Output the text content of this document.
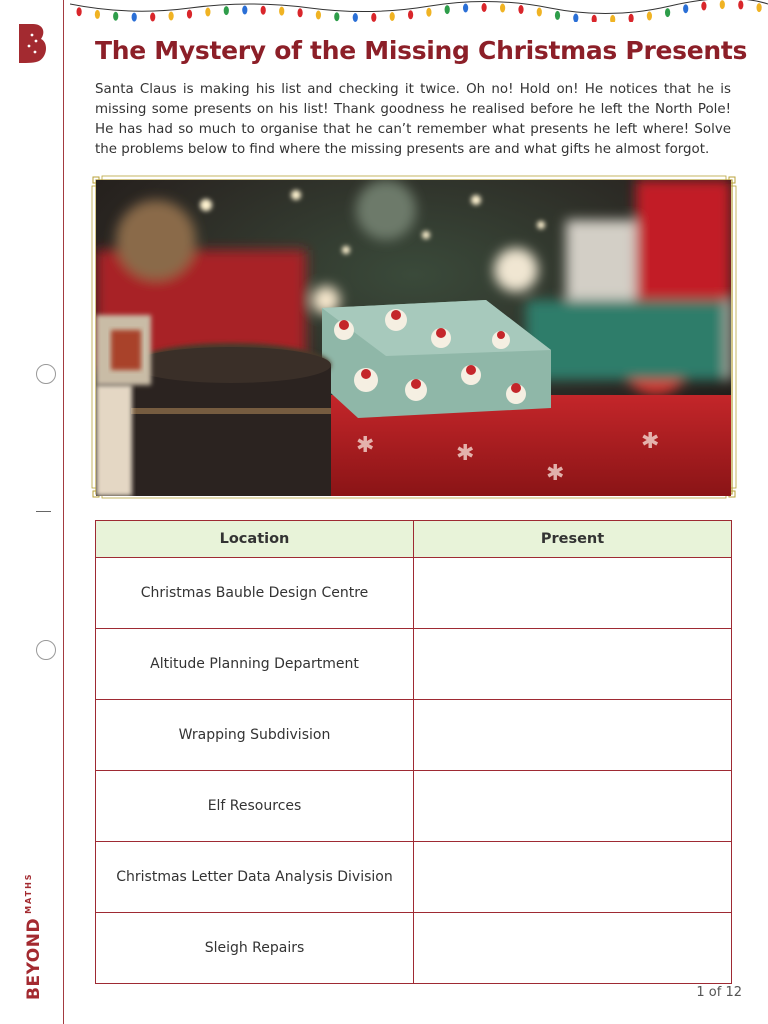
$BEYOND^{MATHS}$
The Mystery of the Missing Christmas Presents
Santa Claus is making his list and checking it twice. Oh no! Hold on! He notices that he is missing some presents on his list! Thank goodness he realised before he left the North Pole! He has had so much to organise that he can’t remember what presents he left where! Solve the problems below to find where the missing presents are and what gifts he almost forgot.
✱	✱
✱
✱
Location	Present
Christmas Bauble Design Centre	
Altitude Planning Department	
Wrapping Subdivision	
Elf Resources	
Christmas Letter Data Analysis Division	
Sleigh Repairs	
1 of 12
